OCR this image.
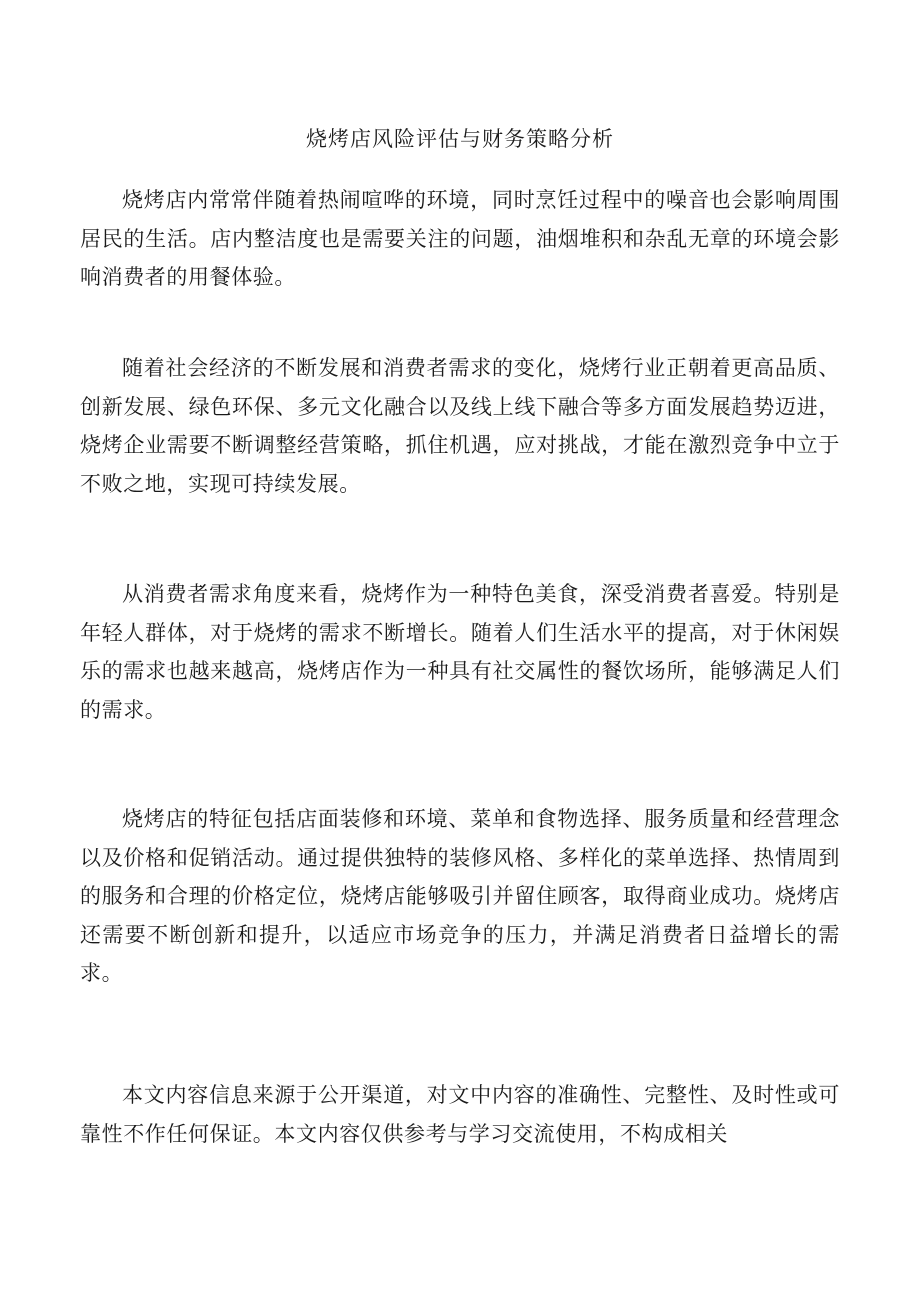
烧烤店风险评估与财务策略分析

烧烤店内常常伴随着热闹喧哗的环境，同时烹饪过程中的噪音也会影响周围居民的生活。店内整洁度也是需要关注的问题，油烟堆积和杂乱无章的环境会影响消费者的用餐体验。

随着社会经济的不断发展和消费者需求的变化，烧烤行业正朝着更高品质、创新发展、绿色环保、多元文化融合以及线上线下融合等多方面发展趋势迈进，烧烤企业需要不断调整经营策略，抓住机遇，应对挑战，才能在激烈竞争中立于不败之地，实现可持续发展。

从消费者需求角度来看，烧烤作为一种特色美食，深受消费者喜爱。特别是年轻人群体，对于烧烤的需求不断增长。随着人们生活水平的提高，对于休闲娱乐的需求也越来越高，烧烤店作为一种具有社交属性的餐饮场所，能够满足人们的需求。

烧烤店的特征包括店面装修和环境、菜单和食物选择、服务质量和经营理念以及价格和促销活动。通过提供独特的装修风格、多样化的菜单选择、热情周到的服务和合理的价格定位，烧烤店能够吸引并留住顾客，取得商业成功。烧烤店还需要不断创新和提升，以适应市场竞争的压力，并满足消费者日益增长的需求。

本文内容信息来源于公开渠道，对文中内容的准确性、完整性、及时性或可靠性不作任何保证。本文内容仅供参考与学习交流使用，不构成相关
